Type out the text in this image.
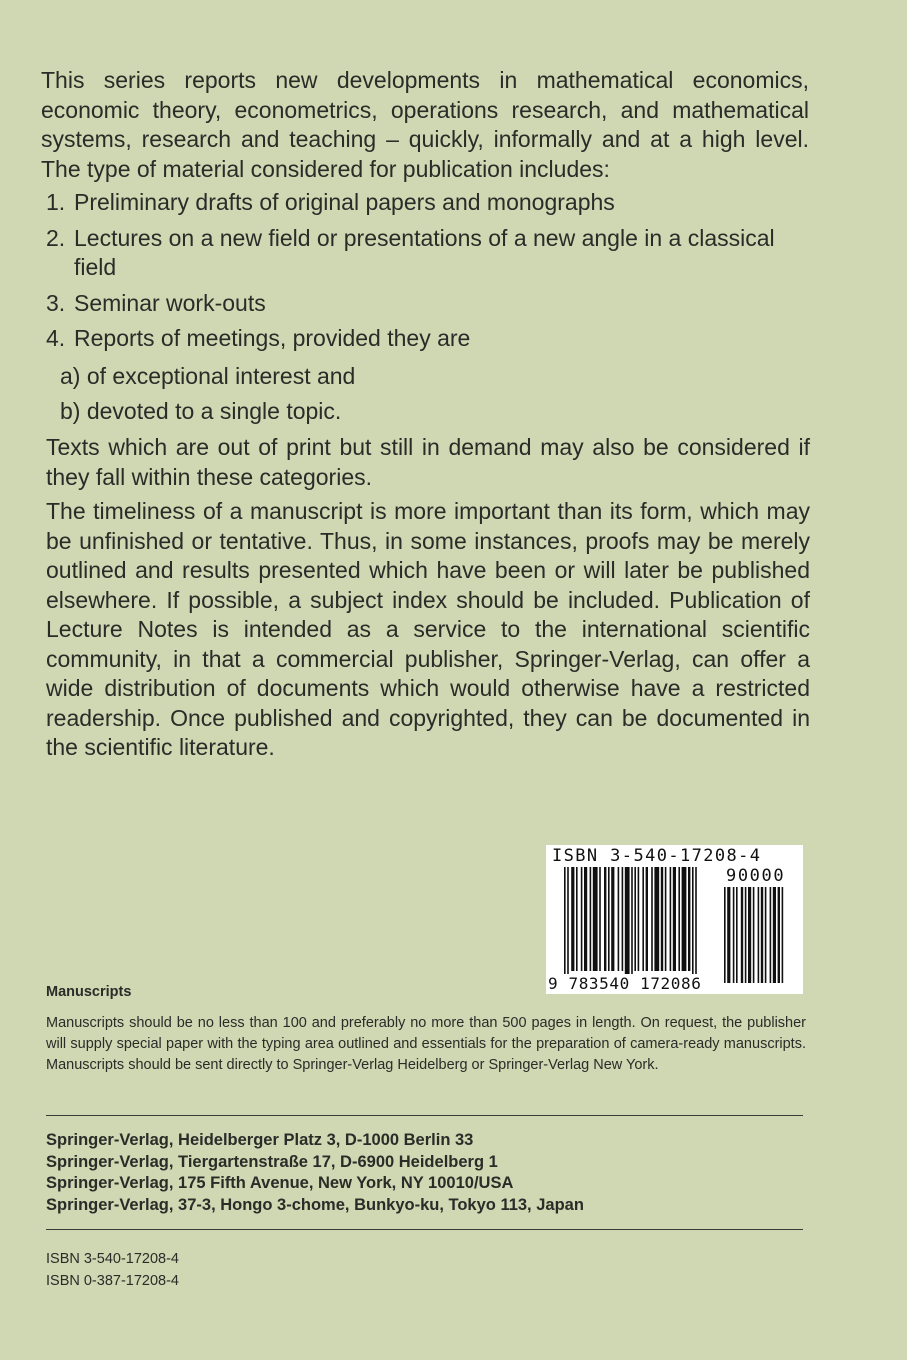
This series reports new developments in mathematical economics, economic theory, econometrics, operations research, and mathematical systems, research and teaching – quickly, informally and at a high level. The type of material considered for publication includes:

1. Preliminary drafts of original papers and monographs
2. Lectures on a new field or presentations of a new angle in a classical field
3. Seminar work-outs
4. Reports of meetings, provided they are
a) of exceptional interest and
b) devoted to a single topic.

Texts which are out of print but still in demand may also be considered if they fall within these categories.

The timeliness of a manuscript is more important than its form, which may be unfinished or tentative. Thus, in some instances, proofs may be merely outlined and results presented which have been or will later be published elsewhere. If possible, a subject index should be included. Publication of Lecture Notes is intended as a service to the international scientific community, in that a commercial publisher, Springer-Verlag, can offer a wide distribution of documents which would otherwise have a restricted readership. Once published and copyrighted, they can be documented in the scientific literature.

ISBN 3-540-17208-4
90000
9 783540 172086

Manuscripts

Manuscripts should be no less than 100 and preferably no more than 500 pages in length. On request, the publisher will supply special paper with the typing area outlined and essentials for the preparation of camera-ready manuscripts. Manuscripts should be sent directly to Springer-Verlag Heidelberg or Springer-Verlag New York.

Springer-Verlag, Heidelberger Platz 3, D-1000 Berlin 33
Springer-Verlag, Tiergartenstraße 17, D-6900 Heidelberg 1
Springer-Verlag, 175 Fifth Avenue, New York, NY 10010/USA
Springer-Verlag, 37-3, Hongo 3-chome, Bunkyo-ku, Tokyo 113, Japan
ISBN 3-540-17208-4
ISBN 0-387-17208-4
